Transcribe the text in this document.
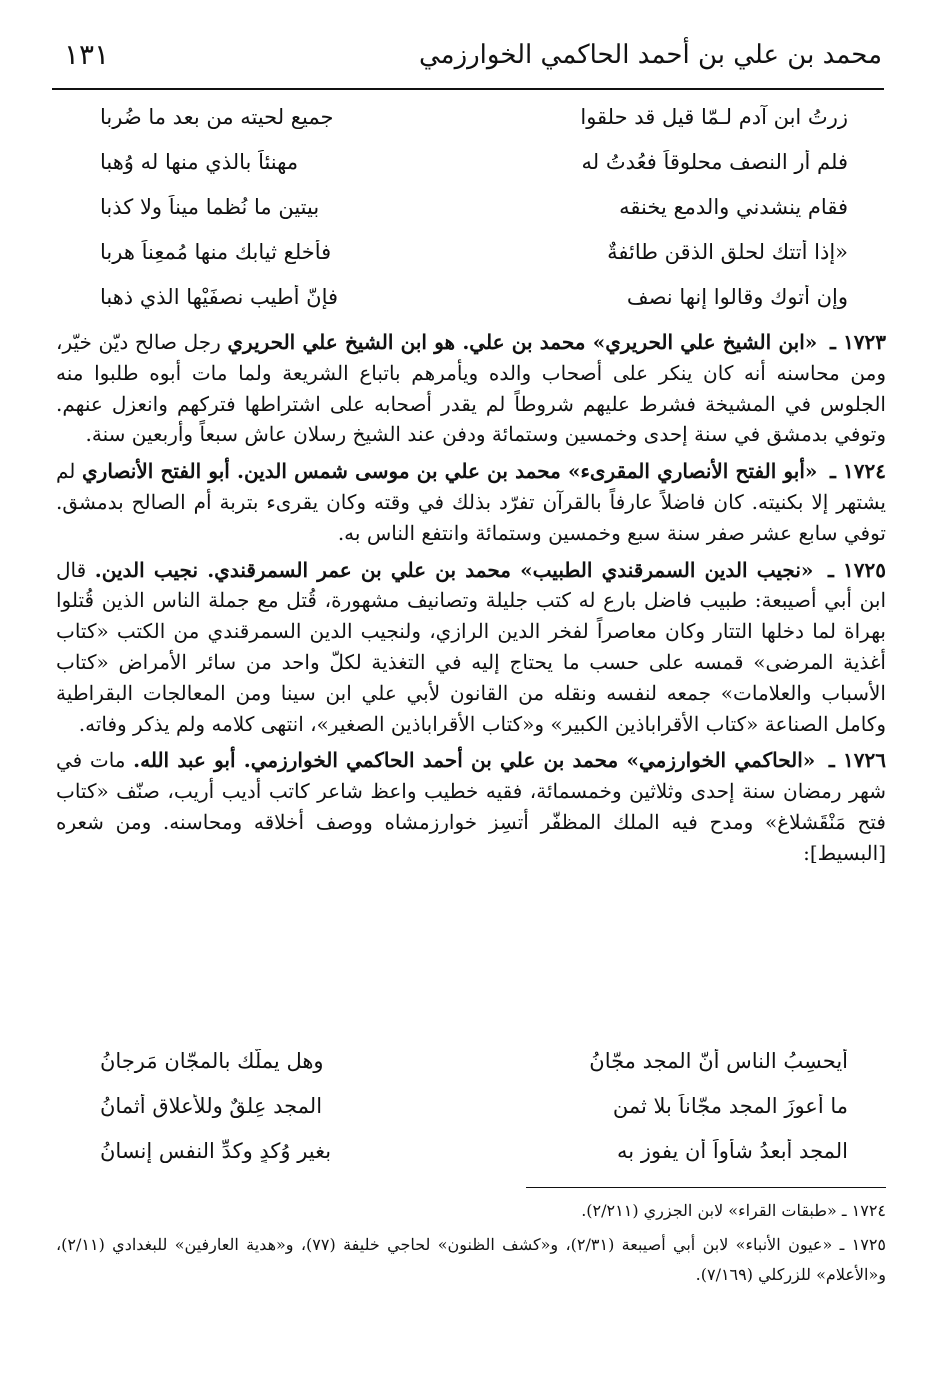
محمد بن علي بن أحمد الحاكمي الخوارزمي
١٣١
زرتُ ابن آدم لـمّا قيل قد حلقوا
جميع لحيته من بعد ما ضُربا
فلم أر النصف محلوقاً فعُدتُ له
مهنئاً بالذي منها له وُهبا
فقام ينشدني والدمع يخنقه
بيتين ما نُظما ميناً ولا كذبا
«إذا أتتك لحلق الذقن طائفةٌ
فأخلع ثيابك منها مُمعِناً هربا
وإن أتوك وقالوا إنها نصف
فإنّ أطيب نصفَيْها الذي ذهبا
١٧٢٣ ـ «ابن الشيخ علي الحريري» محمد بن علي. هو ابن الشيخ علي الحريري رجل صالح ديّن خيّر، ومن محاسنه أنه كان ينكر على أصحاب والده ويأمرهم باتباع الشريعة ولما مات أبوه طلبوا منه الجلوس في المشيخة فشرط عليهم شروطاً لم يقدر أصحابه على اشتراطها فتركهم وانعزل عنهم. وتوفي بدمشق في سنة إحدى وخمسين وستمائة ودفن عند الشيخ رسلان عاش سبعاً وأربعين سنة.
١٧٢٤ ـ «أبو الفتح الأنصاري المقرىء» محمد بن علي بن موسى شمس الدين. أبو الفتح الأنصاري لم يشتهر إلا بكنيته. كان فاضلاً عارفاً بالقرآن تفرّد بذلك في وقته وكان يقرىء بتربة أم الصالح بدمشق. توفي سابع عشر صفر سنة سبع وخمسين وستمائة وانتفع الناس به.
١٧٢٥ ـ «نجيب الدين السمرقندي الطبيب» محمد بن علي بن عمر السمرقندي. نجيب الدين. قال ابن أبي أصيبعة: طبيب فاضل بارع له كتب جليلة وتصانيف مشهورة، قُتل مع جملة الناس الذين قُتلوا بهراة لما دخلها التتار وكان معاصراً لفخر الدين الرازي، ولنجيب الدين السمرقندي من الكتب «كتاب أغذية المرضى» قمسه على حسب ما يحتاج إليه في التغذية لكلّ واحد من سائر الأمراض «كتاب الأسباب والعلامات» جمعه لنفسه ونقله من القانون لأبي علي ابن سينا ومن المعالجات البقراطية وكامل الصناعة «كتاب الأقراباذين الكبير» و«كتاب الأقراباذين الصغير»، انتهى كلامه ولم يذكر وفاته.
١٧٢٦ ـ «الحاكمي الخوارزمي» محمد بن علي بن أحمد الحاكمي الخوارزمي. أبو عبد الله. مات في شهر رمضان سنة إحدى وثلاثين وخمسمائة، فقيه خطيب واعظ شاعر كاتب أديب أريب، صنّف «كتاب فتح مَنْقَشلاغ» ومدح فيه الملك المظفّر أتسِز خوارزمشاه ووصف أخلاقه ومحاسنه. ومن شعره [البسيط]:
أيحسِبُ الناس أنّ المجد مجّانُ
وهل يملّك بالمجّان مَرجانُ
ما أعوزَ المجد مجّاناً بلا ثمنٍ
المجد عِلقٌ وللأعلاق أثمانُ
المجد أبعدُ شأواً أن يفوز به
بغير وُكدٍ وكدِّ النفس إنسانُ
١٧٢٤ ـ «طبقات القراء» لابن الجزري (٢/٢١١).
١٧٢٥ ـ «عيون الأنباء» لابن أبي أصيبعة (٢/٣١)، و«كشف الظنون» لحاجي خليفة (٧٧)، و«هدية العارفين» للبغدادي (٢/١١)، و«الأعلام» للزركلي (٧/١٦٩).
